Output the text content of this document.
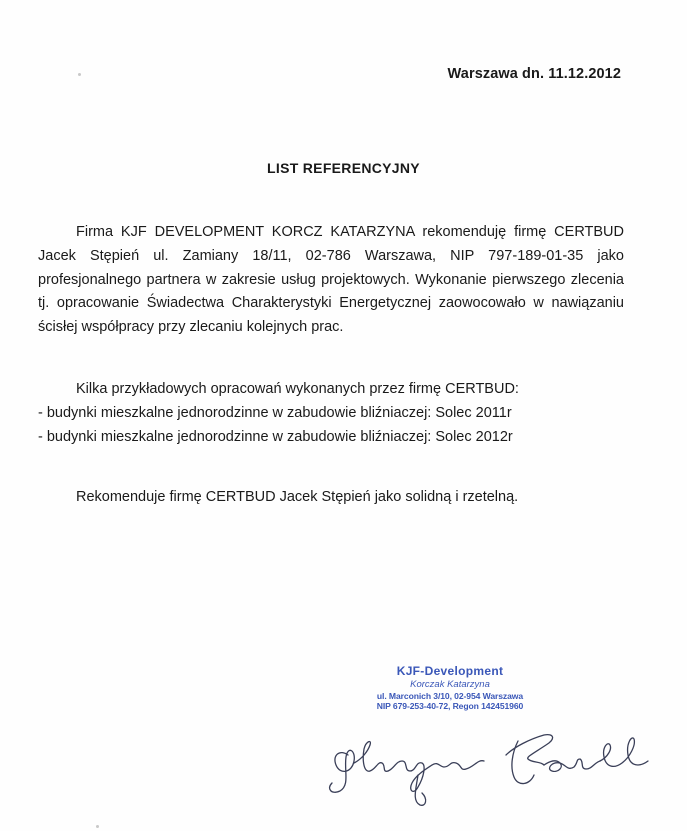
Warszawa dn. 11.12.2012
LIST REFERENCYJNY
Firma KJF DEVELOPMENT KORCZ KATARZYNA rekomenduję firmę CERTBUD Jacek Stępień ul. Zamiany 18/11, 02-786 Warszawa, NIP 797-189-01-35 jako profesjonalnego partnera w zakresie usług projektowych. Wykonanie pierwszego zlecenia tj. opracowanie Świadectwa Charakterystyki Energetycznej zaowocowało w nawiązaniu ścisłej współpracy przy zlecaniu kolejnych prac.
Kilka przykładowych opracowań wykonanych przez firmę CERTBUD:
- budynki mieszkalne jednorodzinne w zabudowie bliźniaczej: Solec 2011r
- budynki mieszkalne jednorodzinne w zabudowie bliźniaczej: Solec 2012r
Rekomenduje firmę CERTBUD Jacek Stępień jako solidną i rzetelną.
KJF-Development
Korczak Katarzyna
ul. Marconich 3/10, 02-954 Warszawa
NIP 679-253-40-72, Regon 142451960
